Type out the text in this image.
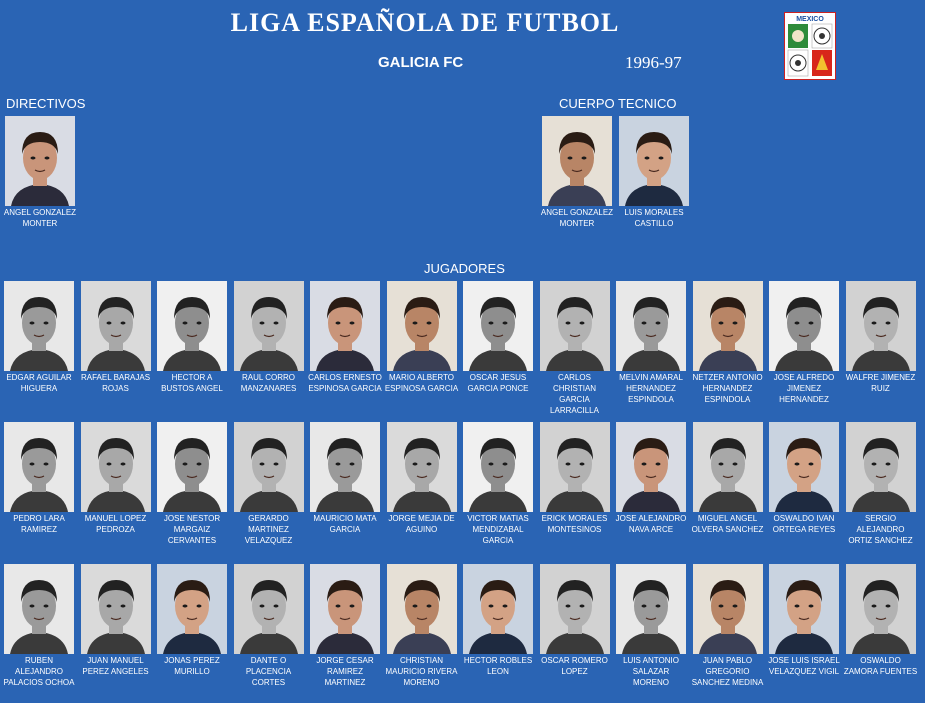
LIGA ESPAÑOLA DE FUTBOL
GALICIA FC	1996-97
MEXICO
DIRECTIVOS	CUERPO TECNICO
JUGADORES
ANGEL GONZALEZ MONTER
ANGEL GONZALEZ MONTER
LUIS MORALES CASTILLO
EDGAR AGUILAR HIGUERA
RAFAEL BARAJAS ROJAS
HECTOR A BUSTOS ANGEL
RAUL CORRO MANZANARES
CARLOS ERNESTO ESPINOSA GARCIA
MARIO ALBERTO ESPINOSA GARCIA
OSCAR JESUS GARCIA PONCE
CARLOS CHRISTIAN GARCIA LARRACILLA
MELVIN AMARAL HERNANDEZ ESPINDOLA
NETZER ANTONIO HERNANDEZ ESPINDOLA
JOSE ALFREDO JIMENEZ HERNANDEZ
WALFRE JIMENEZ RUIZ
PEDRO LARA RAMIREZ
MANUEL LOPEZ PEDROZA
JOSE NESTOR MARGAIZ CERVANTES
GERARDO MARTINEZ VELAZQUEZ
MAURICIO MATA GARCIA
JORGE MEJIA DE AGUINO
VICTOR MATIAS MENDIZABAL GARCIA
ERICK MORALES MONTESINOS
JOSE ALEJANDRO NAVA ARCE
MIGUEL ANGEL OLVERA SANCHEZ
OSWALDO IVAN ORTEGA REYES
SERGIO ALEJANDRO ORTIZ SANCHEZ
RUBEN ALEJANDRO PALACIOS OCHOA
JUAN MANUEL PEREZ ANGELES
JONAS PEREZ MURILLO
DANTE O PLACENCIA CORTES
JORGE CESAR RAMIREZ MARTINEZ
CHRISTIAN MAURICIO RIVERA MORENO
HECTOR ROBLES LEON
OSCAR ROMERO LOPEZ
LUIS ANTONIO SALAZAR MORENO
JUAN PABLO GREGORIO SANCHEZ MEDINA
JOSE LUIS ISRAEL VELAZQUEZ VIGIL
OSWALDO ZAMORA FUENTES
